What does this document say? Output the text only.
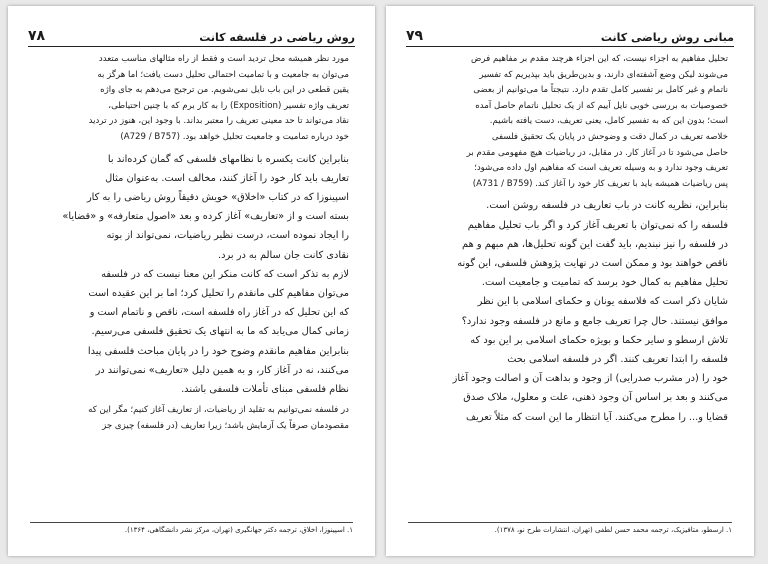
روش ریاضی در فلسفه کانت
۷۸
مورد نظر همیشه محل تردید است و فقط از راه مثالهای مناسب متعدد
می‌توان به جامعیت و با تمامیت احتمالی تحلیل دست یافت؛ اما هرگز به
یقین قطعی در این باب نایل نمی‌شویم. من ترجیح می‌دهم به جای واژه
تعریف واژه تفسیر (Exposition) را به کار برم که با چنین احتیاطی،
نقاد می‌تواند تا حد معینی تعریف را معتبر بداند. با وجود این، هنوز در تردید
خود درباره تمامیت و جامعیت تحلیل خواهد بود. (A729 / B757)
بنابراین کانت یکسره با نظامهای فلسفی که گمان کرده‌اند با
تعاریف باید کار خود را آغاز کنند، مخالف است. به‌عنوان مثال
اسپینوزا که در کتاب «اخلاق» خویش دقیقاً روش ریاضی را به کار
بسته است و از «تعاریف» آغاز کرده و بعد «اصول متعارفه» و «قضایا»
را ایجاد نموده است، درست نظیر ریاضیات، نمی‌تواند از بوته
نقادی کانت جان سالم به در برد.
لازم به تذکر است که کانت منکر این معنا نیست که در فلسفه
می‌توان مفاهیم کلی مانقدم را تحلیل کرد؛ اما بر این عقیده است
که این تحلیل که در آغاز راه فلسفه است، ناقص و ناتمام است و
زمانی کمال می‌یابد که ما به انتهای یک تحقیق فلسفی می‌رسیم.
بنابراین مفاهیم مانقدم وضوح خود را در پایان مباحث فلسفی پیدا
می‌کنند، نه در آغاز کار، و به همین دلیل «تعاریف» نمی‌توانند در
نظام فلسفی مبنای تأملات فلسفی باشند.
در فلسفه نمی‌توانیم به تقلید از ریاضیات، از تعاریف آغاز کنیم؛ مگر این که
مقصودمان صرفاً یک آزمایش باشد؛ زیرا تعاریف (در فلسفه) چیزی جز
۱. اسپینوزا، اخلاق، ترجمه دکتر جهانگیری (تهران، مرکز نشر دانشگاهی، ۱۳۶۴).
مبانی روش ریاضی کانت
۷۹
تحلیل مفاهیم به اجزاء نیست، که این اجزاء هرچند مقدم بر مفاهیم فرض
می‌شوند لیکن وضع آشفته‌ای دارند، و بدین‌طریق باید بپذیریم که تفسیر
ناتمام و غیر کامل بر تفسیر کامل تقدم دارد. نتیجتاً ما می‌توانیم از بعضی
خصوصیات به بررسی خوبی نایل آییم که از یک تحلیل ناتمام حاصل آمده
است؛ بدون این که به تفسیر کامل، یعنی تعریف، دست یافته باشیم.
خلاصه تعریف در کمال دقت و وضوحش در پایان یک تحقیق فلسفی
حاصل می‌شود تا در آغاز کار. در مقابل، در ریاضیات هیچ مفهومی مقدم بر
تعریف وجود ندارد و به وسیله تعریف است که مفاهیم اول داده می‌شود؛
پس ریاضیات همیشه باید با تعریف کار خود را آغاز کند. (A731 / B759)
بنابراین، نظریه کانت در باب تعاریف در فلسفه روشن است.
فلسفه را که نمی‌توان با تعریف آغاز کرد و اگر باب تحلیل مفاهیم
در فلسفه را نیز نبندیم، باید گفت این گونه تحلیل‌ها، هم مبهم و هم
ناقص خواهند بود و ممکن است در نهایت پژوهش فلسفی، این گونه
تحلیل مفاهیم به کمال خود برسد که تمامیت و جامعیت است.
شایان ذکر است که فلاسفه یونان و حکمای اسلامی با این نظر
موافق نیستند. حال چرا تعریف جامع و مانع در فلسفه وجود ندارد؟
تلاش ارسطو و سایر حکما و بویژه حکمای اسلامی بر این بود که
فلسفه را ابتدا تعریف کنند. اگر در فلسفه اسلامی بحث
خود را (در مشرب صدرایی) از وجود و بداهت آن و اصالت وجود آغاز
می‌کنند و بعد بر اساس آن وجود ذهنی، علت و معلول، ملاک صدق
قضایا و... را مطرح می‌کنند. آیا انتظار ما این است که مثلاً تعریف
۱. ارسطو، متافیزیک، ترجمه محمد حسن لطفی (تهران، انتشارات طرح نو، ۱۳۷۸).
